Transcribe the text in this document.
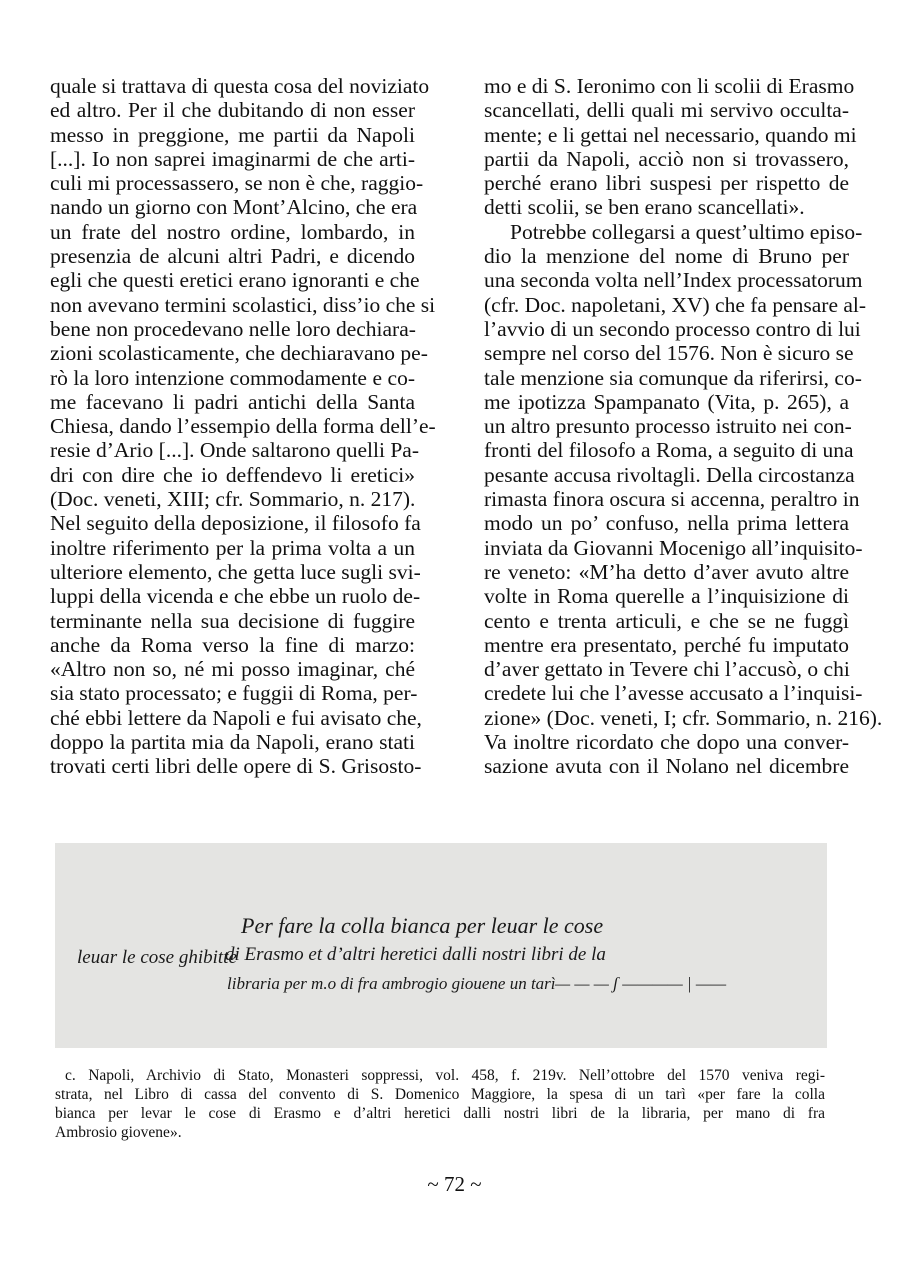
quale si trattava di questa cosa del noviziato
ed altro. Per il che dubitando di non esser
messo in preggione, me partii da Napoli
[...]. Io non saprei imaginarmi de che arti-
culi mi processassero, se non è che, raggio-
nando un giorno con Mont’Alcino, che era
un frate del nostro ordine, lombardo, in
presenzia de alcuni altri Padri, e dicendo
egli che questi eretici erano ignoranti e che
non avevano termini scolastici, diss’io che si
bene non procedevano nelle loro dechiara-
zioni scolasticamente, che dechiaravano pe-
rò la loro intenzione commodamente e co-
me facevano li padri antichi della Santa
Chiesa, dando l’essempio della forma dell’e-
resie d’Ario [...]. Onde saltarono quelli Pa-
dri con dire che io deffendevo li eretici»
(Doc. veneti, XIII; cfr. Sommario, n. 217).
Nel seguito della deposizione, il filosofo fa
inoltre riferimento per la prima volta a un
ulteriore elemento, che getta luce sugli svi-
luppi della vicenda e che ebbe un ruolo de-
terminante nella sua decisione di fuggire
anche da Roma verso la fine di marzo:
«Altro non so, né mi posso imaginar, ché
sia stato processato; e fuggii di Roma, per-
ché ebbi lettere da Napoli e fui avisato che,
doppo la partita mia da Napoli, erano stati
trovati certi libri delle opere di S. Grisosto-
mo e di S. Ieronimo con li scolii di Erasmo
scancellati, delli quali mi servivo occulta-
mente; e li gettai nel necessario, quando mi
partii da Napoli, acciò non si trovassero,
perché erano libri suspesi per rispetto de
detti scolii, se ben erano scancellati».
Potrebbe collegarsi a quest’ultimo episo-
dio la menzione del nome di Bruno per
una seconda volta nell’Index processatorum
(cfr. Doc. napoletani, XV) che fa pensare al-
l’avvio di un secondo processo contro di lui
sempre nel corso del 1576. Non è sicuro se
tale menzione sia comunque da riferirsi, co-
me ipotizza Spampanato (Vita, p. 265), a
un altro presunto processo istruito nei con-
fronti del filosofo a Roma, a seguito di una
pesante accusa rivoltagli. Della circostanza
rimasta finora oscura si accenna, peraltro in
modo un po’ confuso, nella prima lettera
inviata da Giovanni Mocenigo all’inquisito-
re veneto: «M’ha detto d’aver avuto altre
volte in Roma querelle a l’inquisizione di
cento e trenta articuli, e che se ne fuggì
mentre era presentato, perché fu imputato
d’aver gettato in Tevere chi l’accusò, o chi
credete lui che l’avesse accusato a l’inquisi-
zione» (Doc. veneti, I; cfr. Sommario, n. 216).
Va inoltre ricordato che dopo una conver-
sazione avuta con il Nolano nel dicembre
leuar le cose ghibitte
Per fare la colla bianca per leuar le cose
di Erasmo et d’altri heretici dalli nostri libri de la
libraria per m.o di fra ambrogio giouene un tarì — — — ʃ ———— | ——
c. Napoli, Archivio di Stato, Monasteri soppressi, vol. 458, f. 219v. Nell’ottobre del 1570 veniva regi-
strata, nel Libro di cassa del convento di S. Domenico Maggiore, la spesa di un tarì «per fare la colla
bianca per levar le cose di Erasmo e d’altri heretici dalli nostri libri de la libraria, per mano di fra
Ambrosio giovene».
~ 72 ~
